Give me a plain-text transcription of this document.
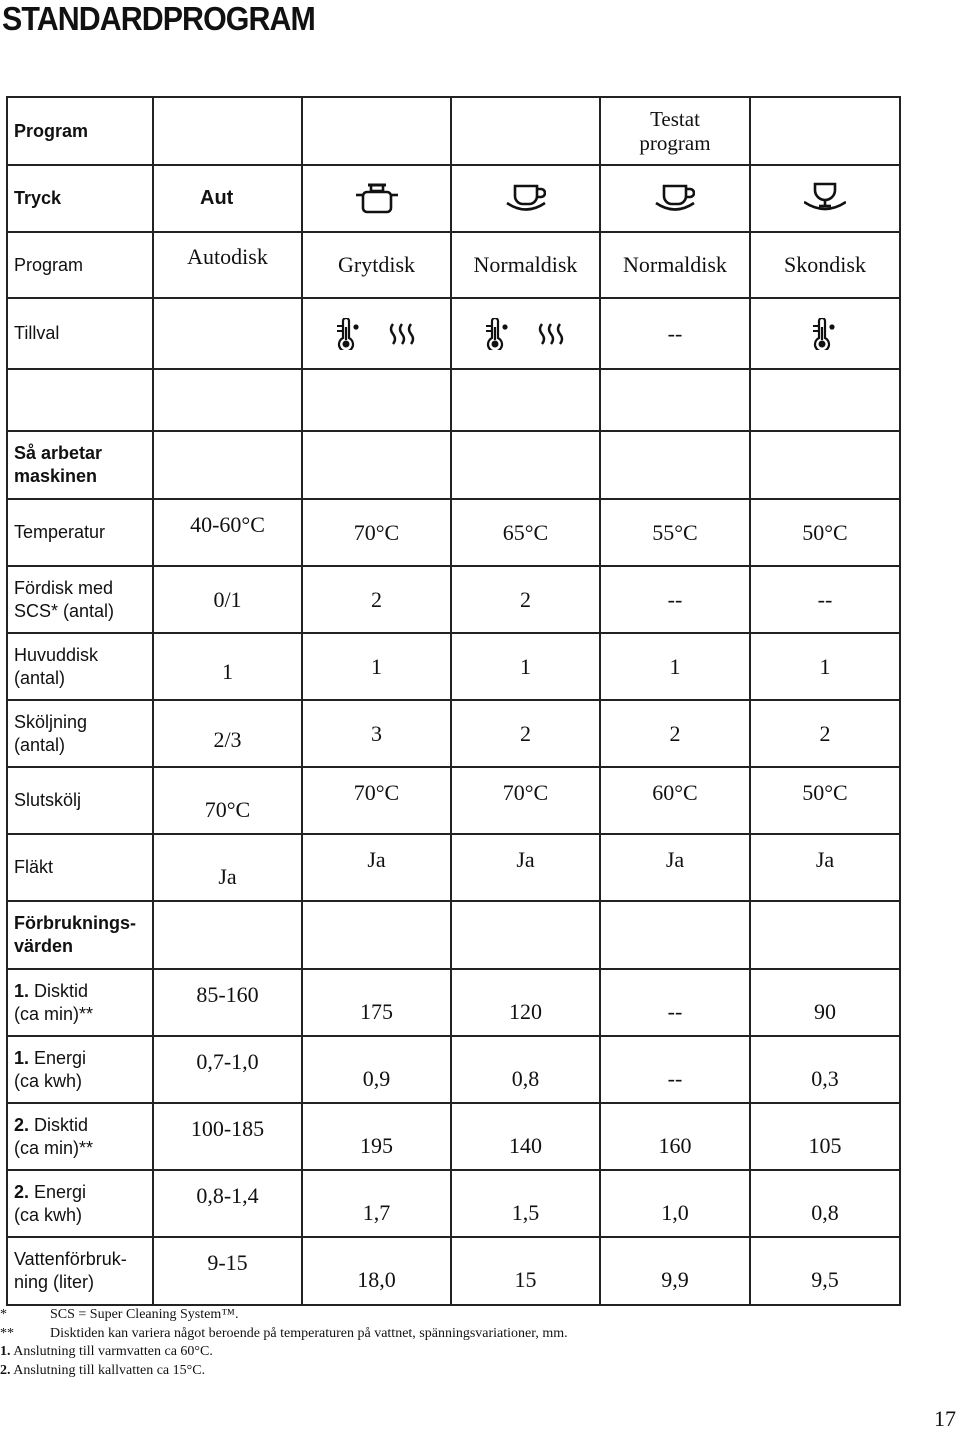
STANDARDPROGRAM
Program				Testat
program	
Tryck	Aut				
Program	Autodisk	Grytdisk	Normaldisk	Normaldisk	Skondisk
Tillval				--	

Så arbetar
maskinen					
Temperatur	40-60°C	70°C	65°C	55°C	50°C
Fördisk med
SCS* (antal)	0/1	2	2	--	--
Huvuddisk
(antal)	1	1	1	1	1
Sköljning
(antal)	2/3	3	2	2	2
Slutskölj	70°C	70°C	70°C	60°C	50°C
Fläkt	Ja	Ja	Ja	Ja	Ja
Förbruknings-
värden					
1. Disktid
(ca min)**	85-160	175	120	--	90
1. Energi
(ca kwh)	0,7-1,0	0,9	0,8	--	0,3
2. Disktid
(ca min)**	100-185	195	140	160	105
2. Energi
(ca kwh)	0,8-1,4	1,7	1,5	1,0	0,8
Vattenförbruk-
ning (liter)	9-15	18,0	15	9,9	9,5
*	SCS = Super Cleaning System™.
**	Disktiden kan variera något beroende på temperaturen på vattnet, spänningsvariationer, mm.
1. Anslutning till varmvatten ca 60°C.
2. Anslutning till kallvatten ca 15°C.
17
